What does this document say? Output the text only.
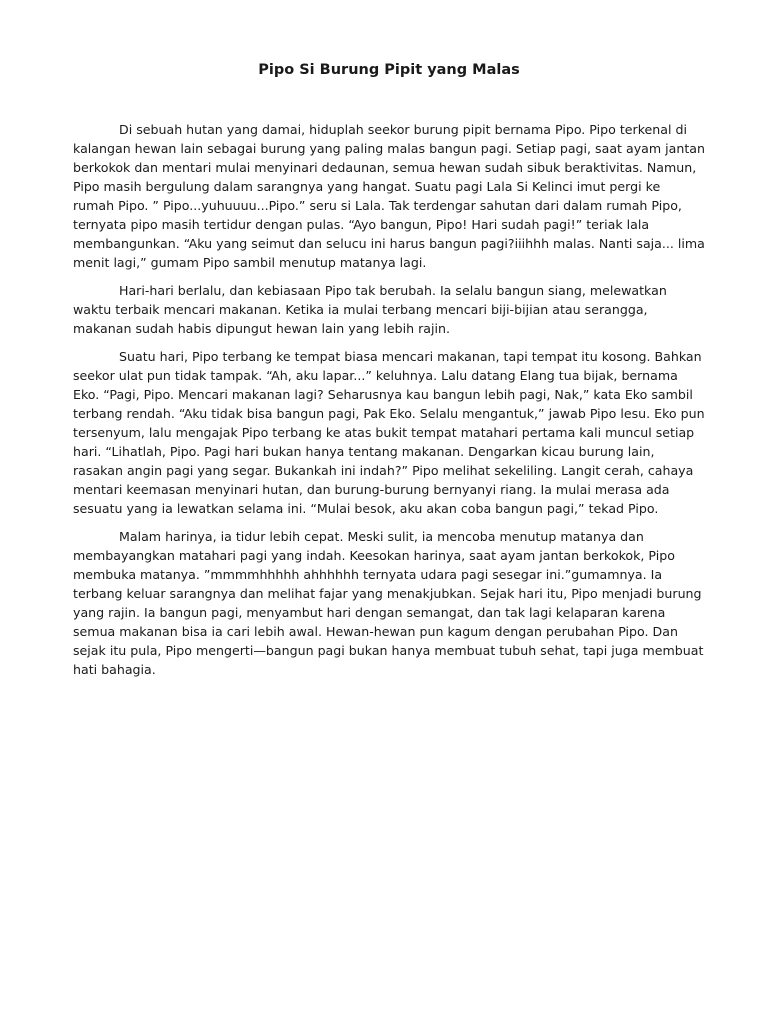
Pipo Si Burung Pipit yang Malas

Di sebuah hutan yang damai, hiduplah seekor burung pipit bernama Pipo. Pipo terkenal di kalangan hewan lain sebagai burung yang paling malas bangun pagi. Setiap pagi, saat ayam jantan berkokok dan mentari mulai menyinari dedaunan, semua hewan sudah sibuk beraktivitas. Namun, Pipo masih bergulung dalam sarangnya yang hangat. Suatu pagi Lala Si Kelinci imut pergi ke rumah Pipo. ” Pipo...yuhuuuu...Pipo.” seru si Lala. Tak terdengar sahutan dari dalam rumah Pipo, ternyata pipo masih tertidur dengan pulas. “Ayo bangun, Pipo! Hari sudah pagi!” teriak lala membangunkan. “Aku yang seimut dan selucu ini harus bangun pagi?iiihhh malas. Nanti saja... lima menit lagi,” gumam Pipo sambil menutup matanya lagi.

Hari-hari berlalu, dan kebiasaan Pipo tak berubah. Ia selalu bangun siang, melewatkan waktu terbaik mencari makanan. Ketika ia mulai terbang mencari biji-bijian atau serangga, makanan sudah habis dipungut hewan lain yang lebih rajin.

Suatu hari, Pipo terbang ke tempat biasa mencari makanan, tapi tempat itu kosong. Bahkan seekor ulat pun tidak tampak. “Ah, aku lapar...” keluhnya. Lalu datang Elang tua bijak, bernama Eko. “Pagi, Pipo. Mencari makanan lagi? Seharusnya kau bangun lebih pagi, Nak,” kata Eko sambil terbang rendah. “Aku tidak bisa bangun pagi, Pak Eko. Selalu mengantuk,” jawab Pipo lesu. Eko pun tersenyum, lalu mengajak Pipo terbang ke atas bukit tempat matahari pertama kali muncul setiap hari. “Lihatlah, Pipo. Pagi hari bukan hanya tentang makanan. Dengarkan kicau burung lain, rasakan angin pagi yang segar. Bukankah ini indah?” Pipo melihat sekeliling. Langit cerah, cahaya mentari keemasan menyinari hutan, dan burung-burung bernyanyi riang. Ia mulai merasa ada sesuatu yang ia lewatkan selama ini. “Mulai besok, aku akan coba bangun pagi,” tekad Pipo.

Malam harinya, ia tidur lebih cepat. Meski sulit, ia mencoba menutup matanya dan membayangkan matahari pagi yang indah. Keesokan harinya, saat ayam jantan berkokok, Pipo membuka matanya. ”mmmmhhhhh ahhhhhh ternyata udara pagi sesegar ini.”gumamnya. Ia terbang keluar sarangnya dan melihat fajar yang menakjubkan. Sejak hari itu, Pipo menjadi burung yang rajin. Ia bangun pagi, menyambut hari dengan semangat, dan tak lagi kelaparan karena semua makanan bisa ia cari lebih awal. Hewan-hewan pun kagum dengan perubahan Pipo. Dan sejak itu pula, Pipo mengerti—bangun pagi bukan hanya membuat tubuh sehat, tapi juga membuat hati bahagia.
